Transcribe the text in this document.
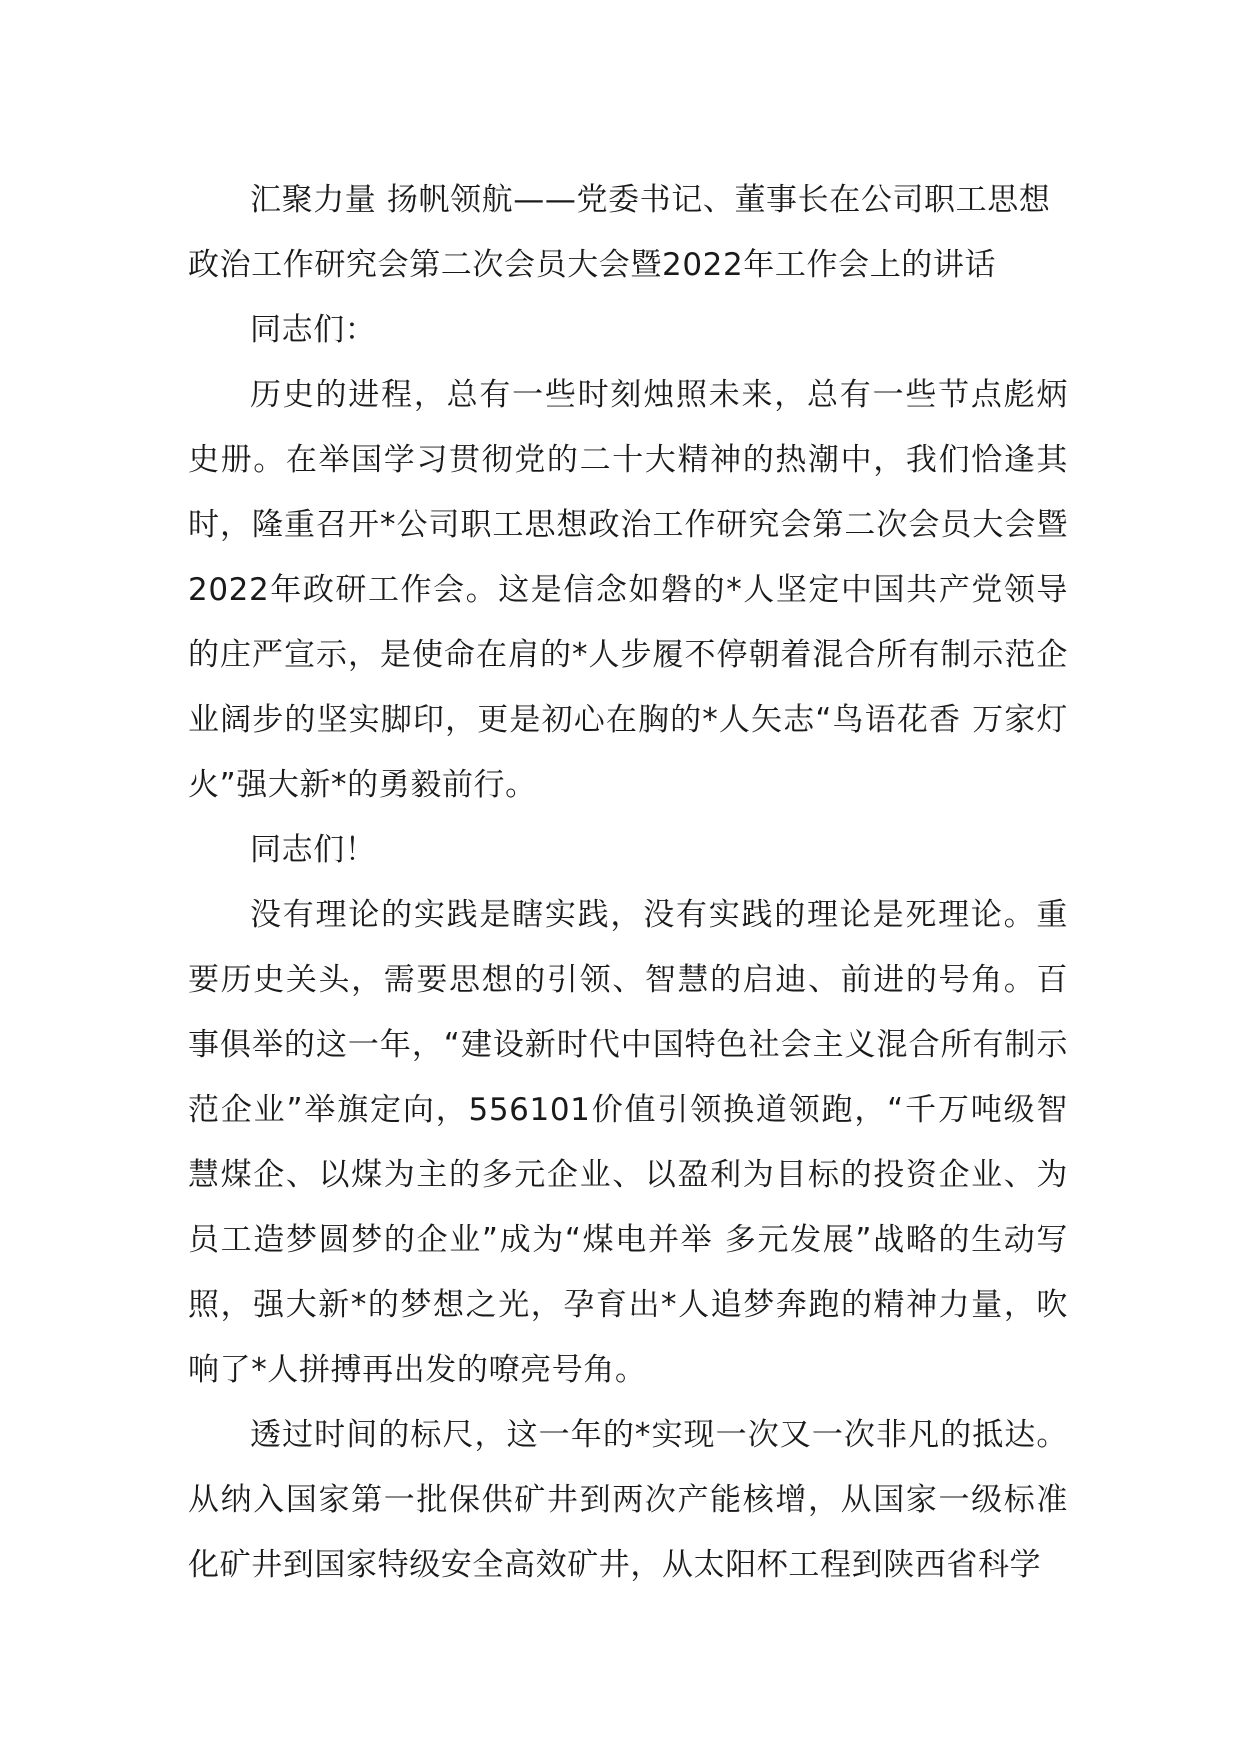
汇聚力量 扬帆领航——党委书记、董事长在公司职工思想政治工作研究会第二次会员大会暨2022年工作会上的讲话

同志们：

历史的进程，总有一些时刻烛照未来，总有一些节点彪炳史册。在举国学习贯彻党的二十大精神的热潮中，我们恰逢其时，隆重召开*公司职工思想政治工作研究会第二次会员大会暨2022年政研工作会。这是信念如磐的*人坚定中国共产党领导的庄严宣示，是使命在肩的*人步履不停朝着混合所有制示范企业阔步的坚实脚印，更是初心在胸的*人矢志“鸟语花香 万家灯火”强大新*的勇毅前行。

同志们！

没有理论的实践是瞎实践，没有实践的理论是死理论。重要历史关头，需要思想的引领、智慧的启迪、前进的号角。百事俱举的这一年，“建设新时代中国特色社会主义混合所有制示范企业”举旗定向，556101价值引领换道领跑，“千万吨级智慧煤企、以煤为主的多元企业、以盈利为目标的投资企业、为员工造梦圆梦的企业”成为“煤电并举 多元发展”战略的生动写照，强大新*的梦想之光，孕育出*人追梦奔跑的精神力量，吹响了*人拼搏再出发的嘹亮号角。

透过时间的标尺，这一年的*实现一次又一次非凡的抵达。从纳入国家第一批保供矿井到两次产能核增，从国家一级标准化矿井到国家特级安全高效矿井，从太阳杯工程到陕西省科学
